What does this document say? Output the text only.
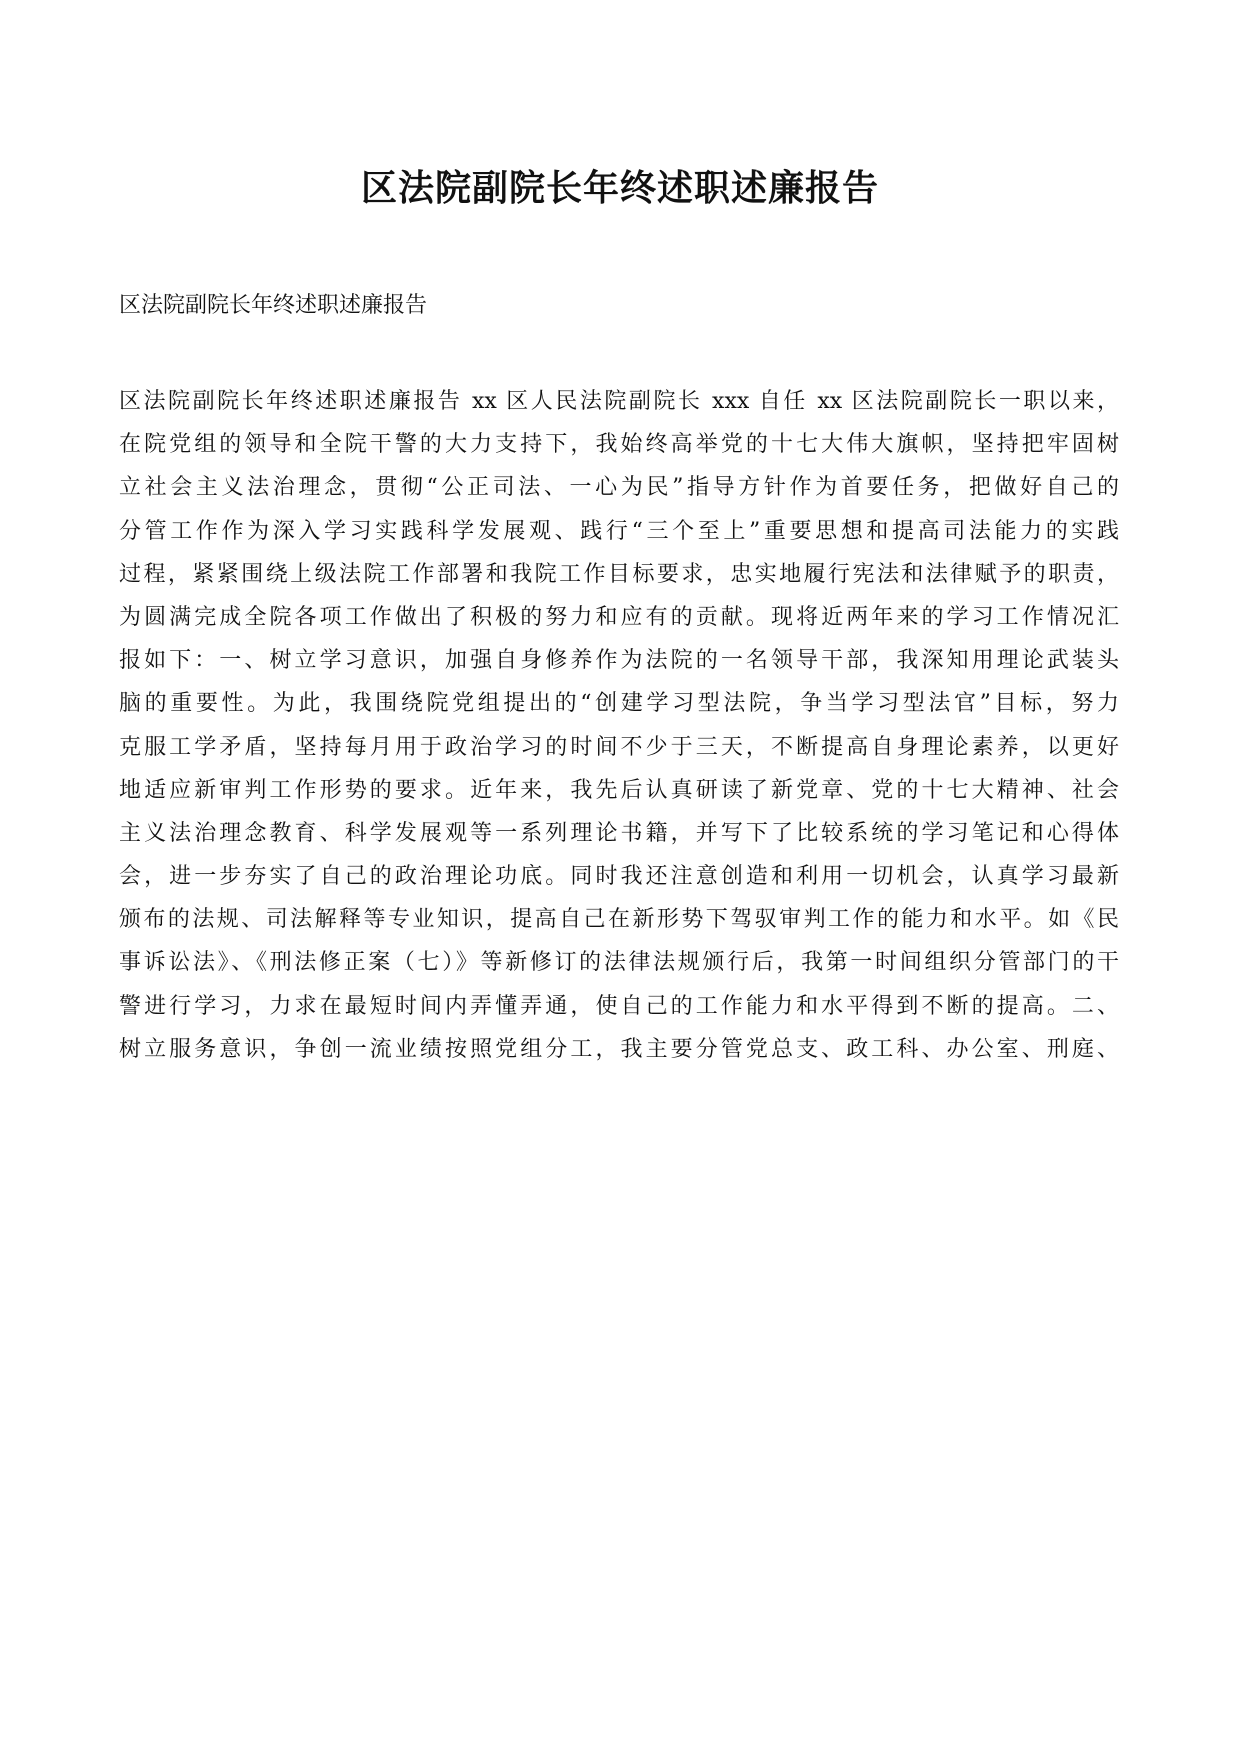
区法院副院长年终述职述廉报告

区法院副院长年终述职述廉报告

区法院副院长年终述职述廉报告 xx 区人民法院副院长 xxx 自任 xx 区法院副院长一职以来，
在院党组的领导和全院干警的大力支持下，我始终高举党的十七大伟大旗帜，坚持把牢固树
立社会主义法治理念，贯彻“公正司法、一心为民”指导方针作为首要任务，把做好自己的
分管工作作为深入学习实践科学发展观、践行“三个至上”重要思想和提高司法能力的实践
过程，紧紧围绕上级法院工作部署和我院工作目标要求，忠实地履行宪法和法律赋予的职责，
为圆满完成全院各项工作做出了积极的努力和应有的贡献。现将近两年来的学习工作情况汇
报如下：一、树立学习意识，加强自身修养作为法院的一名领导干部，我深知用理论武装头
脑的重要性。为此，我围绕院党组提出的“创建学习型法院，争当学习型法官”目标，努力
克服工学矛盾，坚持每月用于政治学习的时间不少于三天，不断提高自身理论素养，以更好
地适应新审判工作形势的要求。近年来，我先后认真研读了新党章、党的十七大精神、社会
主义法治理念教育、科学发展观等一系列理论书籍，并写下了比较系统的学习笔记和心得体
会，进一步夯实了自己的政治理论功底。同时我还注意创造和利用一切机会，认真学习最新
颁布的法规、司法解释等专业知识，提高自己在新形势下驾驭审判工作的能力和水平。如《民
事诉讼法》、《刑法修正案（七）》等新修订的法律法规颁行后，我第一时间组织分管部门的干
警进行学习，力求在最短时间内弄懂弄通，使自己的工作能力和水平得到不断的提高。二、
树立服务意识，争创一流业绩按照党组分工，我主要分管党总支、政工科、办公室、刑庭、
